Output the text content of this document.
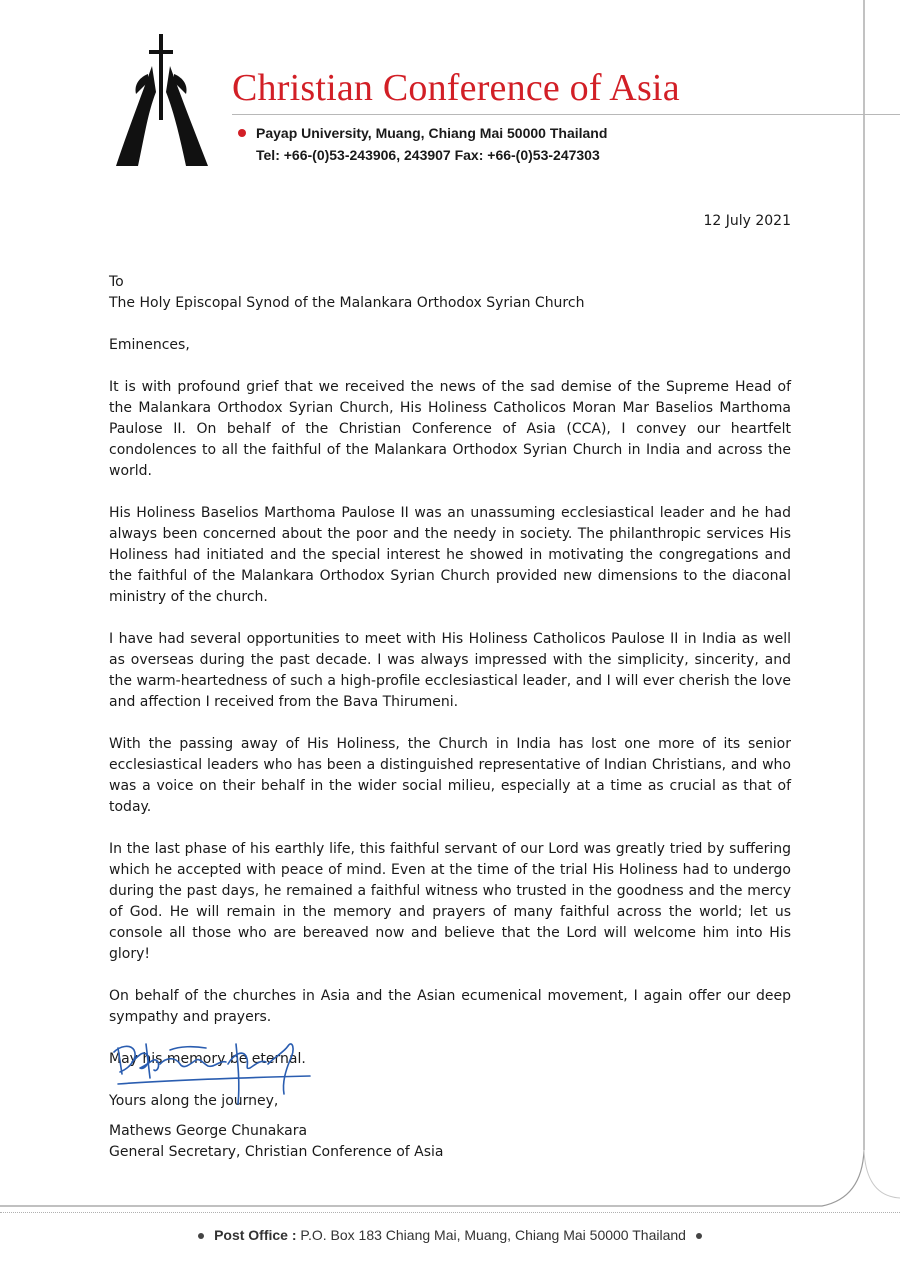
Christian Conference of Asia
Payap University, Muang, Chiang Mai 50000 Thailand
Tel: +66-(0)53-243906, 243907 Fax: +66-(0)53-247303
12 July 2021

To

The Holy Episcopal Synod of the Malankara Orthodox Syrian Church

Eminences,

It is with profound grief that we received the news of the sad demise of the Supreme Head of the Malankara Orthodox Syrian Church, His Holiness Catholicos Moran Mar Baselios Marthoma Paulose II. On behalf of the Christian Conference of Asia (CCA), I convey our heartfelt condolences to all the faithful of the Malankara Orthodox Syrian Church in India and across the world.

His Holiness Baselios Marthoma Paulose II was an unassuming ecclesiastical leader and he had always been concerned about the poor and the needy in society. The philanthropic services His Holiness had initiated and the special interest he showed in motivating the congregations and the faithful of the Malankara Orthodox Syrian Church provided new dimensions to the diaconal ministry of the church.

I have had several opportunities to meet with His Holiness Catholicos Paulose II in India as well as overseas during the past decade. I was always impressed with the simplicity, sincerity, and the warm-heartedness of such a high-profile ecclesiastical leader, and I will ever cherish the love and affection I received from the Bava Thirumeni.

With the passing away of His Holiness, the Church in India has lost one more of its senior ecclesiastical leaders who has been a distinguished representative of Indian Christians, and who was a voice on their behalf in the wider social milieu, especially at a time as crucial as that of today.

In the last phase of his earthly life, this faithful servant of our Lord was greatly tried by suffering which he accepted with peace of mind. Even at the time of the trial His Holiness had to undergo during the past days, he remained a faithful witness who trusted in the goodness and the mercy of God. He will remain in the memory and prayers of many faithful across the world; let us console all those who are bereaved now and believe that the Lord will welcome him into His glory!

On behalf of the churches in Asia and the Asian ecumenical movement, I again offer our deep sympathy and prayers.

May his memory be eternal.

Yours along the journey,

Mathews George Chunakara
General Secretary, Christian Conference of Asia
Post Office : P.O. Box 183 Chiang Mai, Muang, Chiang Mai 50000 Thailand
